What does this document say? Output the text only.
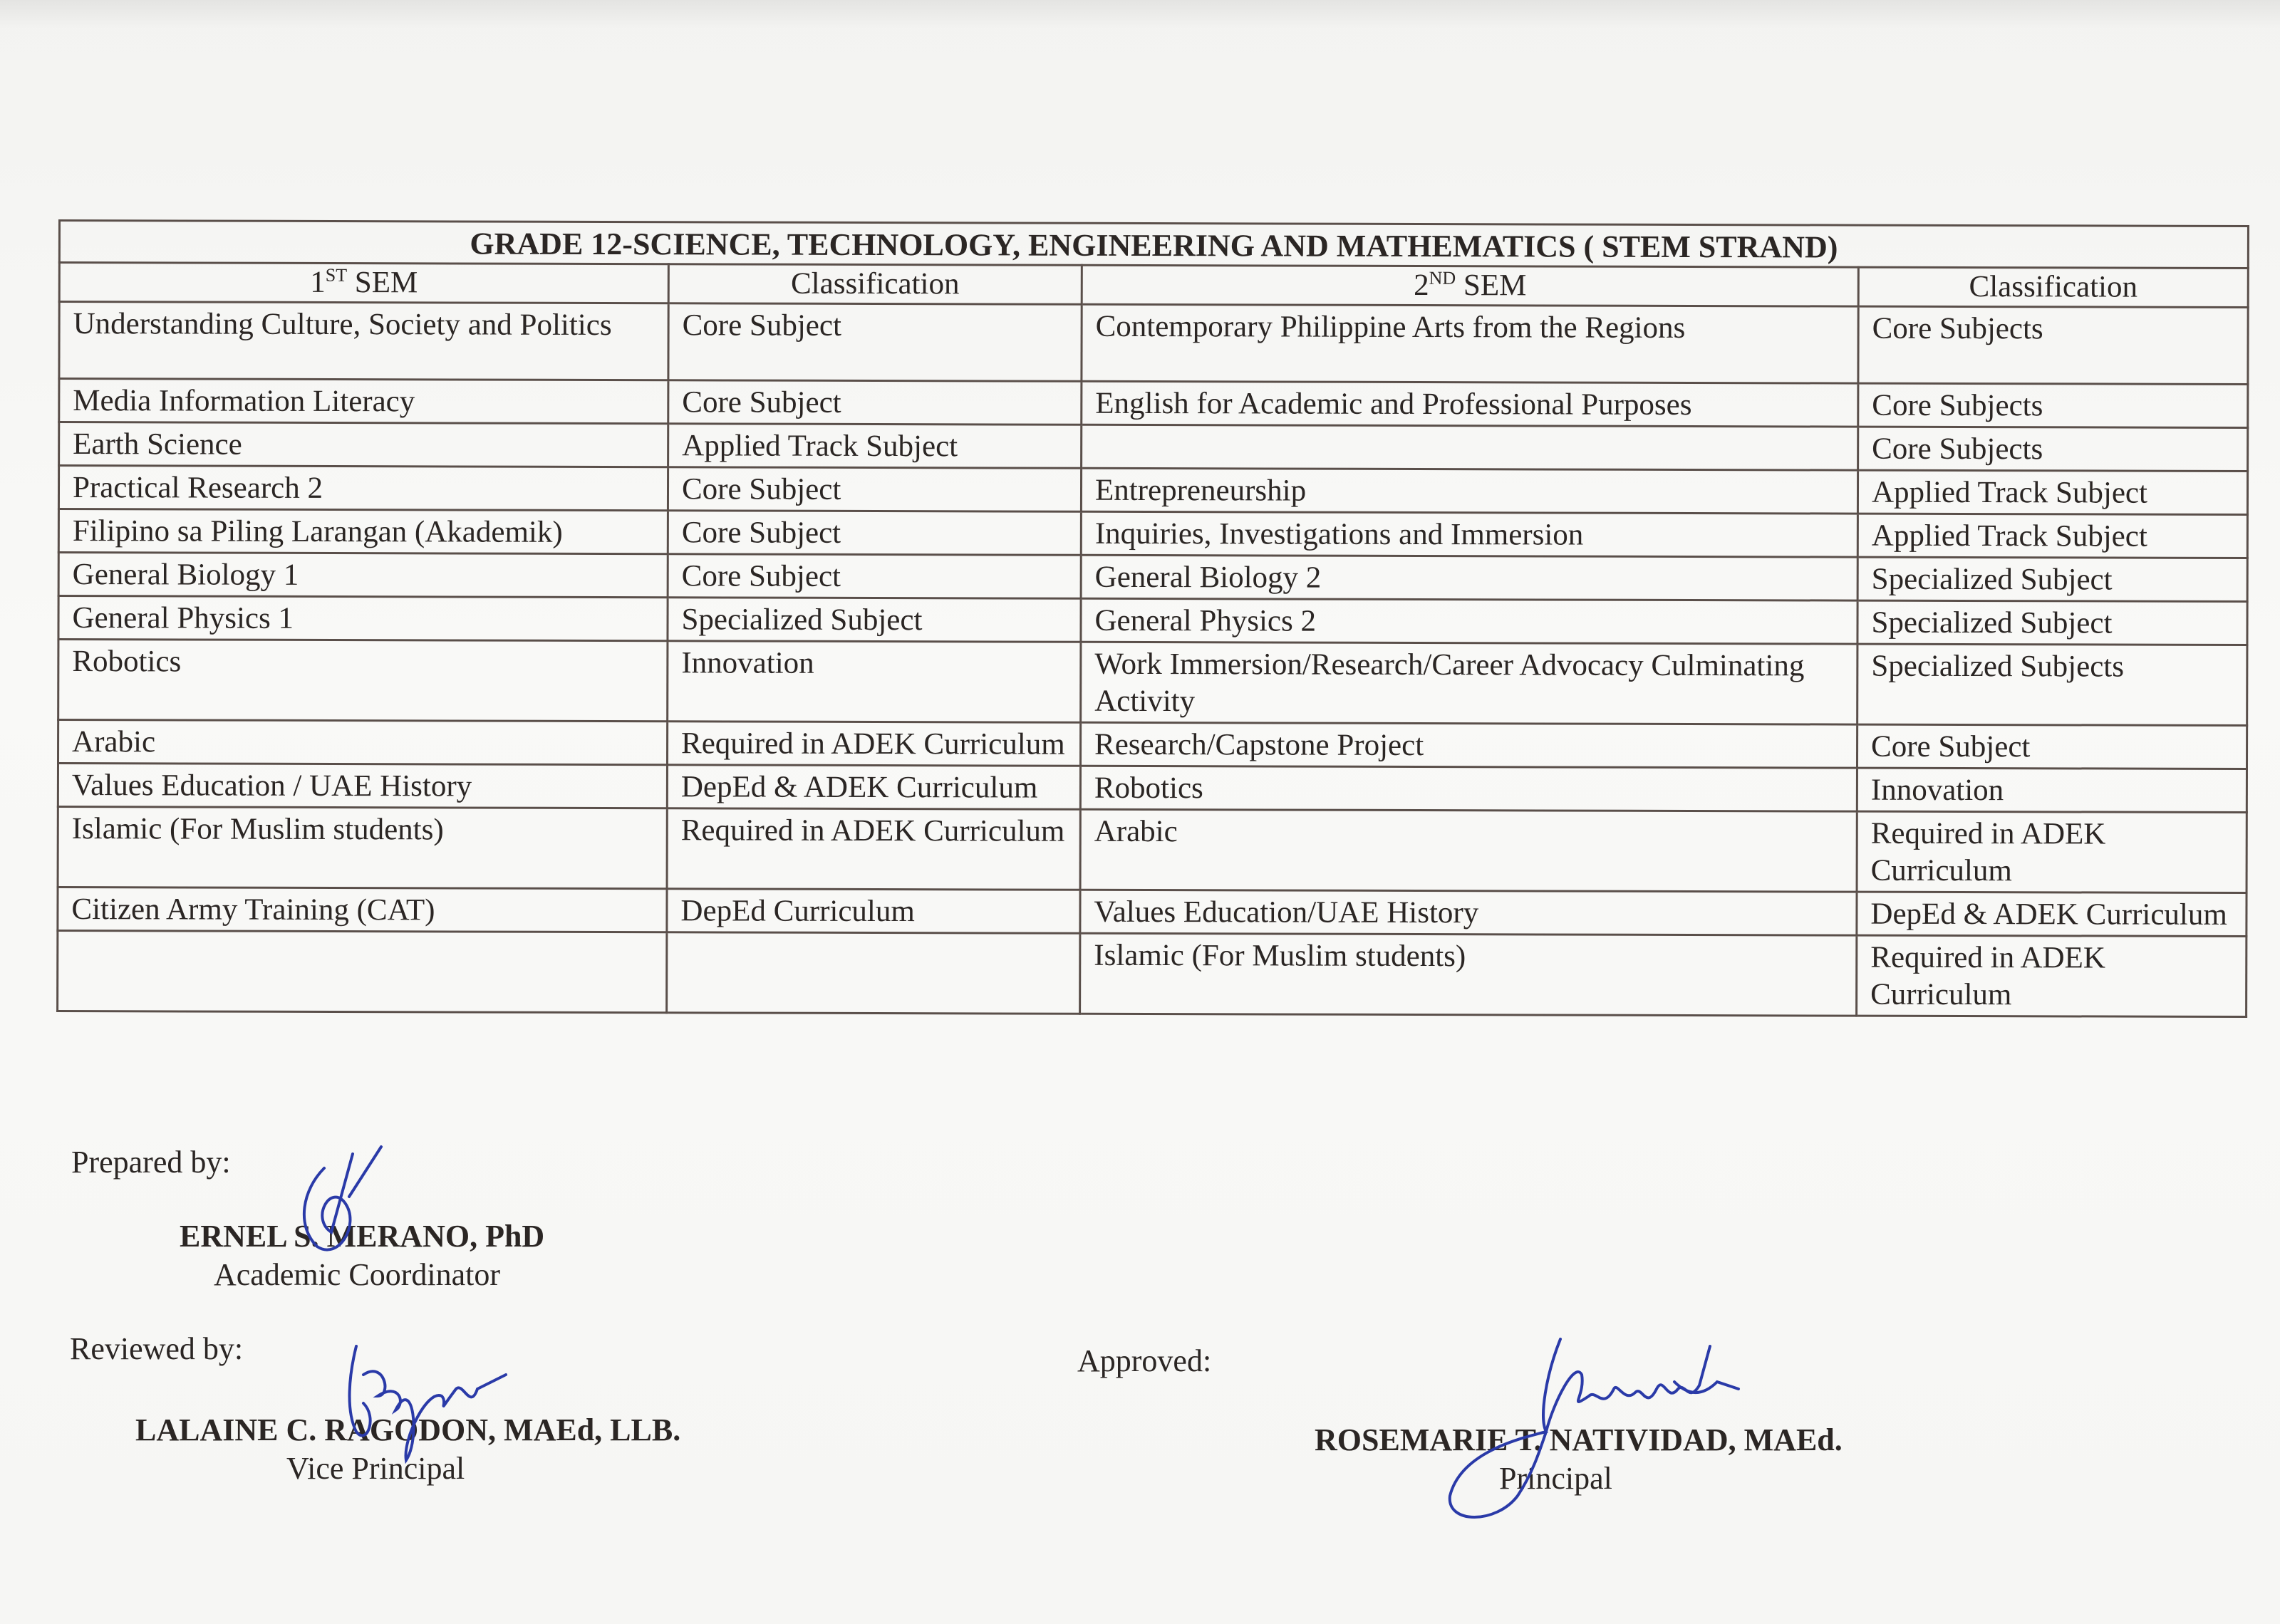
GRADE 12-SCIENCE, TECHNOLOGY, ENGINEERING AND MATHEMATICS ( STEM STRAND)			
1ST SEM	Classification	2ND SEM	Classification
Understanding Culture, Society and Politics	Core Subject	Contemporary Philippine Arts from the Regions	Core Subjects
Media Information Literacy	Core Subject	English for Academic and Professional Purposes	Core Subjects
Earth Science	Applied Track Subject		Core Subjects
Practical Research 2	Core Subject	Entrepreneurship	Applied Track Subject
Filipino sa Piling Larangan (Akademik)	Core Subject	Inquiries, Investigations and Immersion	Applied Track Subject
General Biology 1	Core Subject	General Biology 2	Specialized Subject
General Physics 1	Specialized Subject	General Physics 2	Specialized Subject
Robotics	Innovation	Work Immersion/Research/Career Advocacy Culminating Activity	Specialized Subjects
Arabic	Required in ADEK Curriculum	Research/Capstone Project	Core Subject
Values Education / UAE History	DepEd & ADEK Curriculum	Robotics	Innovation
Islamic (For Muslim students)	Required in ADEK Curriculum	Arabic	Required in ADEK Curriculum
Citizen Army Training (CAT)	DepEd Curriculum	Values Education/UAE History	DepEd & ADEK Curriculum
		Islamic (For Muslim students)	Required in ADEK Curriculum
Prepared by:
ERNEL S. MERANO, PhD
Academic Coordinator
Reviewed by:
LALAINE C. RAGODON, MAEd, LLB.
Vice Principal
Approved:
ROSEMARIE T. NATIVIDAD, MAEd.
Principal
